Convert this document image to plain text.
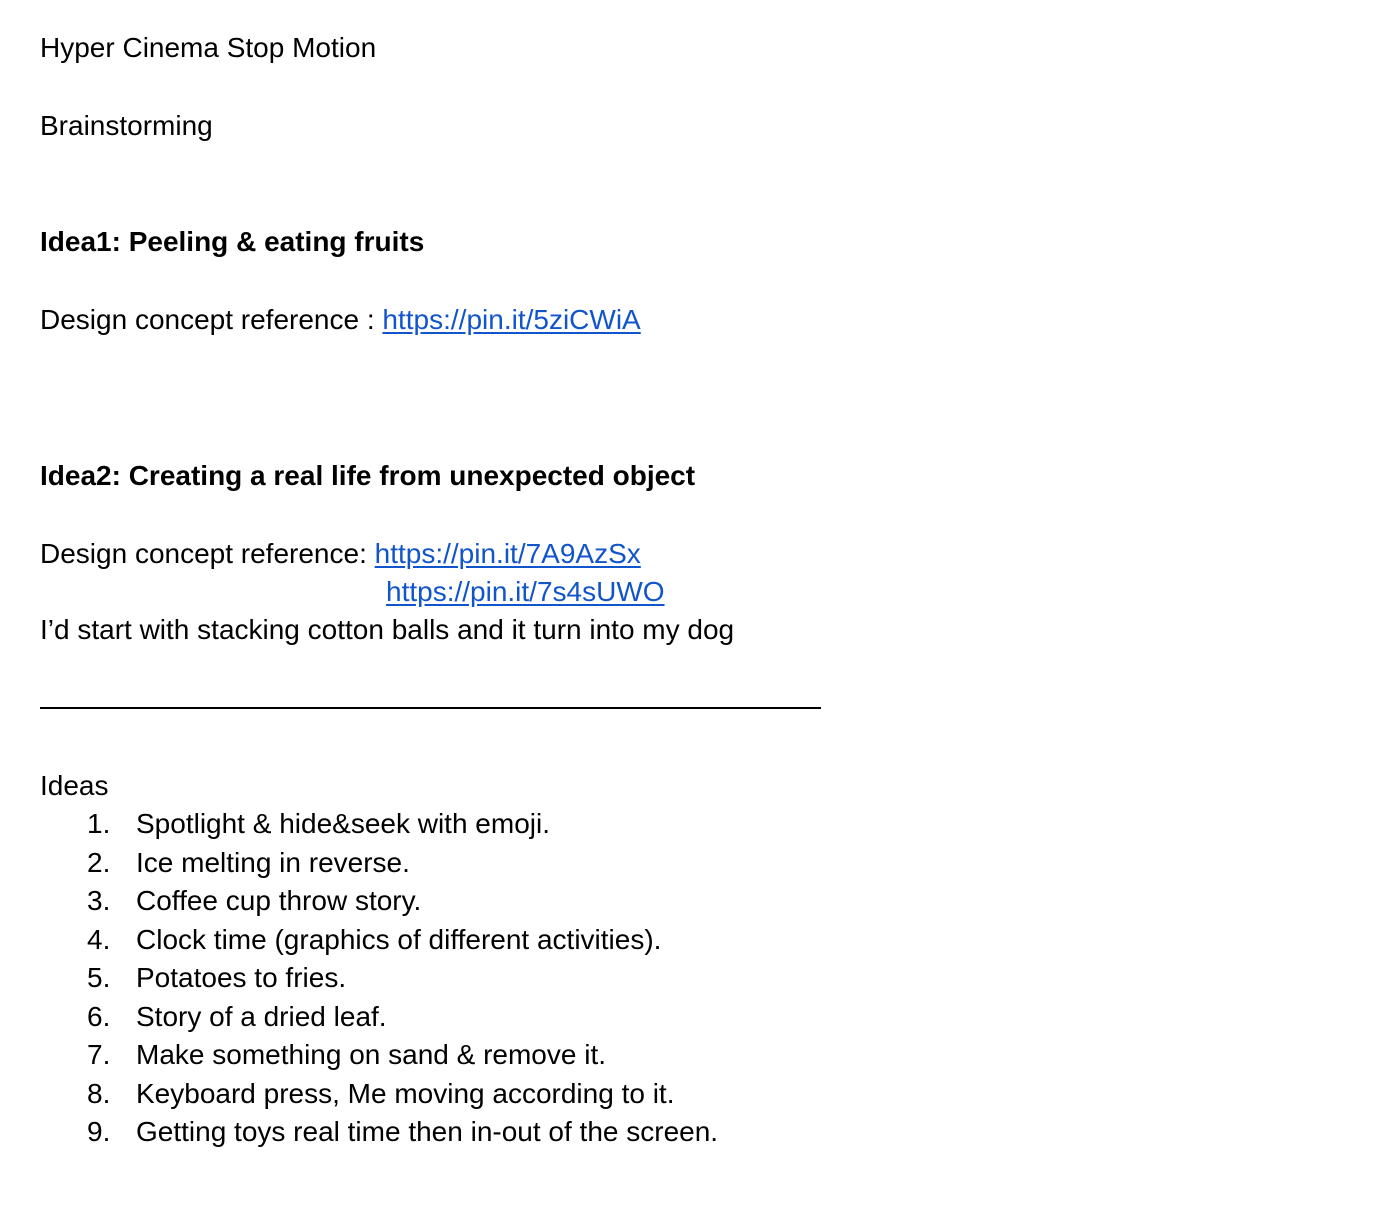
Hyper Cinema Stop Motion

Brainstorming

Idea1: Peeling & eating fruits

Design concept reference : https://pin.it/5ziCWiA

Idea2: Creating a real life from unexpected object

Design concept reference: https://pin.it/7A9AzSx

https://pin.it/7s4sUWO

I’d start with stacking cotton balls and it turn into my dog

Ideas

1. Spotlight & hide&seek with emoji.
2. Ice melting in reverse.
3. Coffee cup throw story.
4. Clock time (graphics of different activities).
5. Potatoes to fries.
6. Story of a dried leaf.
7. Make something on sand & remove it.
8. Keyboard press, Me moving according to it.
9. Getting toys real time then in-out of the screen.
